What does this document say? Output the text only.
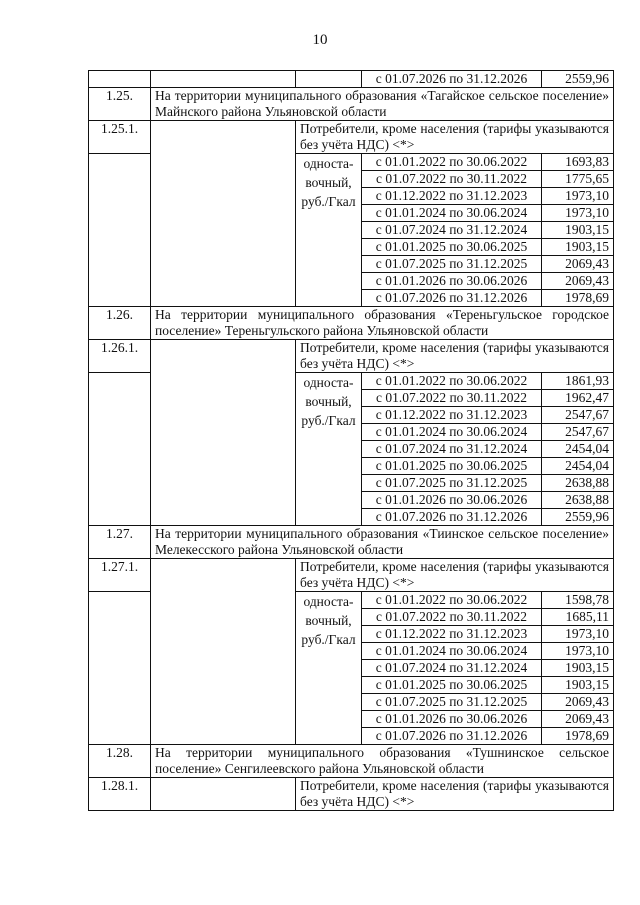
10
			с 01.07.2026 по 31.12.2026	2559,96
1.25.	На территории муниципального образования «Тагайское сельское поселение» Майнского района Ульяновской области			
1.25.1.		Потребители, кроме населения (тарифы указываются без учёта НДС) <*>		
		односта-вочный, руб./Гкал	с 01.01.2022 по 30.06.2022	1693,83
			с 01.07.2022 по 30.11.2022	1775,65
			с 01.12.2022 по 31.12.2023	1973,10
			с 01.01.2024 по 30.06.2024	1973,10
			с 01.07.2024 по 31.12.2024	1903,15
			с 01.01.2025 по 30.06.2025	1903,15
			с 01.07.2025 по 31.12.2025	2069,43
			с 01.01.2026 по 30.06.2026	2069,43
			с 01.07.2026 по 31.12.2026	1978,69
1.26.	На территории муниципального образования «Тереньгульское городское поселение» Тереньгульского района Ульяновской области			
1.26.1.		Потребители, кроме населения (тарифы указываются без учёта НДС) <*>		
		односта-вочный, руб./Гкал	с 01.01.2022 по 30.06.2022	1861,93
			с 01.07.2022 по 30.11.2022	1962,47
			с 01.12.2022 по 31.12.2023	2547,67
			с 01.01.2024 по 30.06.2024	2547,67
			с 01.07.2024 по 31.12.2024	2454,04
			с 01.01.2025 по 30.06.2025	2454,04
			с 01.07.2025 по 31.12.2025	2638,88
			с 01.01.2026 по 30.06.2026	2638,88
			с 01.07.2026 по 31.12.2026	2559,96
1.27.	На территории муниципального образования «Тиинское сельское поселение» Мелекесского района Ульяновской области			
1.27.1.		Потребители, кроме населения (тарифы указываются без учёта НДС) <*>		
		односта-вочный, руб./Гкал	с 01.01.2022 по 30.06.2022	1598,78
			с 01.07.2022 по 30.11.2022	1685,11
			с 01.12.2022 по 31.12.2023	1973,10
			с 01.01.2024 по 30.06.2024	1973,10
			с 01.07.2024 по 31.12.2024	1903,15
			с 01.01.2025 по 30.06.2025	1903,15
			с 01.07.2025 по 31.12.2025	2069,43
			с 01.01.2026 по 30.06.2026	2069,43
			с 01.07.2026 по 31.12.2026	1978,69
1.28.	На территории муниципального образования «Тушнинское сельское поселение» Сенгилеевского района Ульяновской области			
1.28.1.		Потребители, кроме населения (тарифы указываются без учёта НДС) <*>		
